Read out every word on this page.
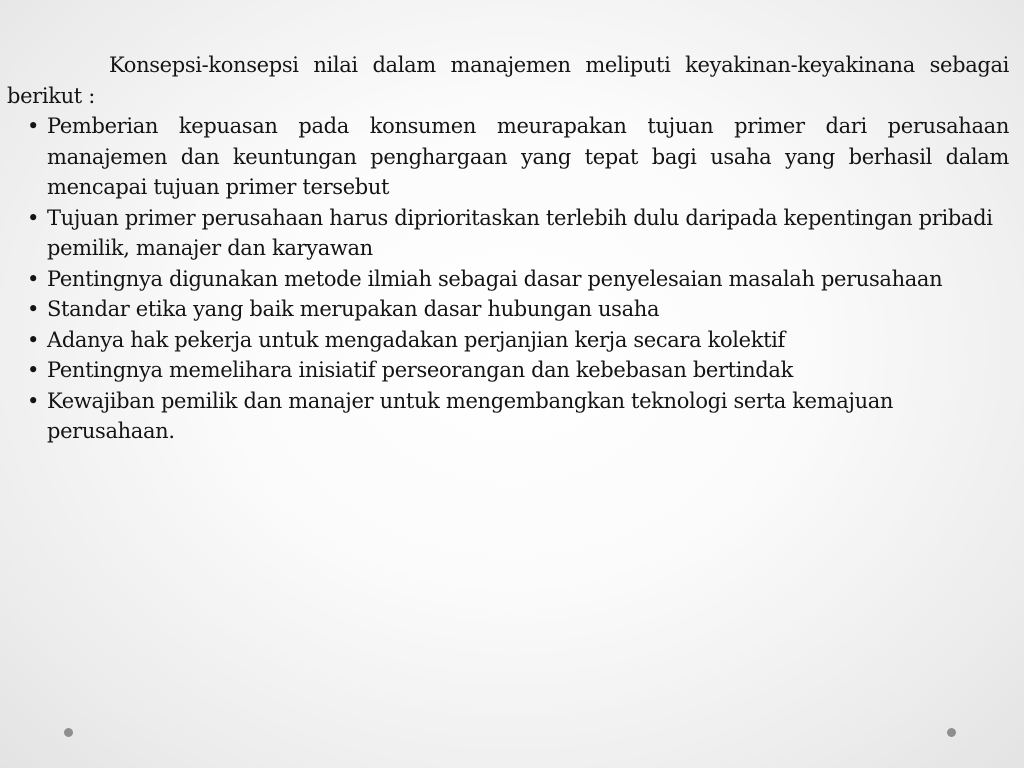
Konsepsi-konsepsi nilai dalam manajemen meliputi keyakinan-keyakinana sebagai berikut :

• Pemberian kepuasan pada konsumen meurapakan tujuan primer dari perusahaan manajemen dan keuntungan penghargaan yang tepat bagi usaha yang berhasil dalam mencapai tujuan primer tersebut
• Tujuan primer perusahaan harus diprioritaskan terlebih dulu daripada kepentingan pribadi pemilik, manajer dan karyawan
• Pentingnya digunakan metode ilmiah sebagai dasar penyelesaian masalah perusahaan
• Standar etika yang baik merupakan dasar hubungan usaha
• Adanya hak pekerja untuk mengadakan perjanjian kerja secara kolektif
• Pentingnya memelihara inisiatif perseorangan dan kebebasan bertindak
• Kewajiban pemilik dan manajer untuk mengembangkan teknologi serta kemajuan perusahaan.
